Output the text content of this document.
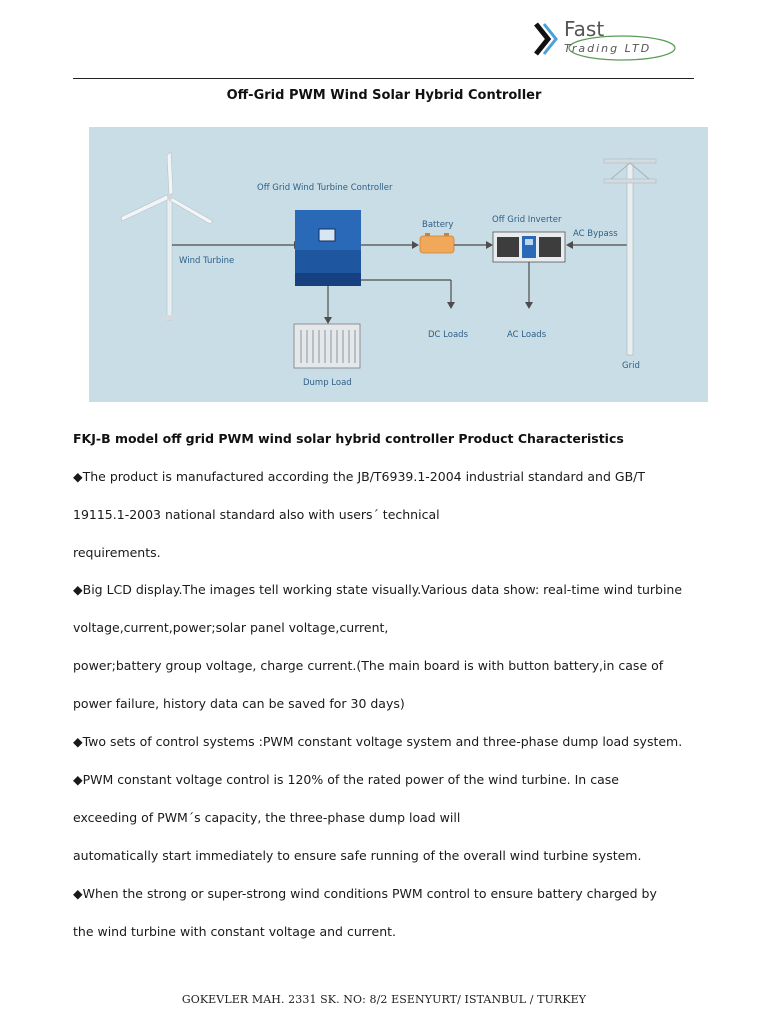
Fast
Trading LTD
Off-Grid PWM Wind Solar Hybrid Controller
Wind Turbine
Off Grid Wind Turbine Controller
Battery	Off Grid Inverter
AC Bypass
Grid
DC Loads	AC Loads
Dump Load
FKJ-B model off grid PWM wind solar hybrid controller Product Characteristics
◆The product is manufactured according the JB/T6939.1-2004 industrial standard and GB/T
19115.1-2003 national standard also with users´ technical
requirements.
◆Big LCD display.The images tell working state visually.Various data show: real-time wind turbine
voltage,current,power;solar panel voltage,current,
power;battery group voltage, charge current.(The main board is with button battery,in case of
power failure, history data can be saved for 30 days)
◆Two sets of control systems :PWM constant voltage system and three-phase dump load system.
◆PWM constant voltage control is 120% of the rated power of the wind turbine. In case
exceeding of PWM´s capacity, the three-phase dump load will
automatically start immediately to ensure safe running of the overall wind turbine system.
◆When the strong or super-strong wind conditions PWM control to ensure battery charged by
the wind turbine with constant voltage and current.
GOKEVLER MAH. 2331 SK. NO: 8/2 ESENYURT/ ISTANBUL / TURKEY
